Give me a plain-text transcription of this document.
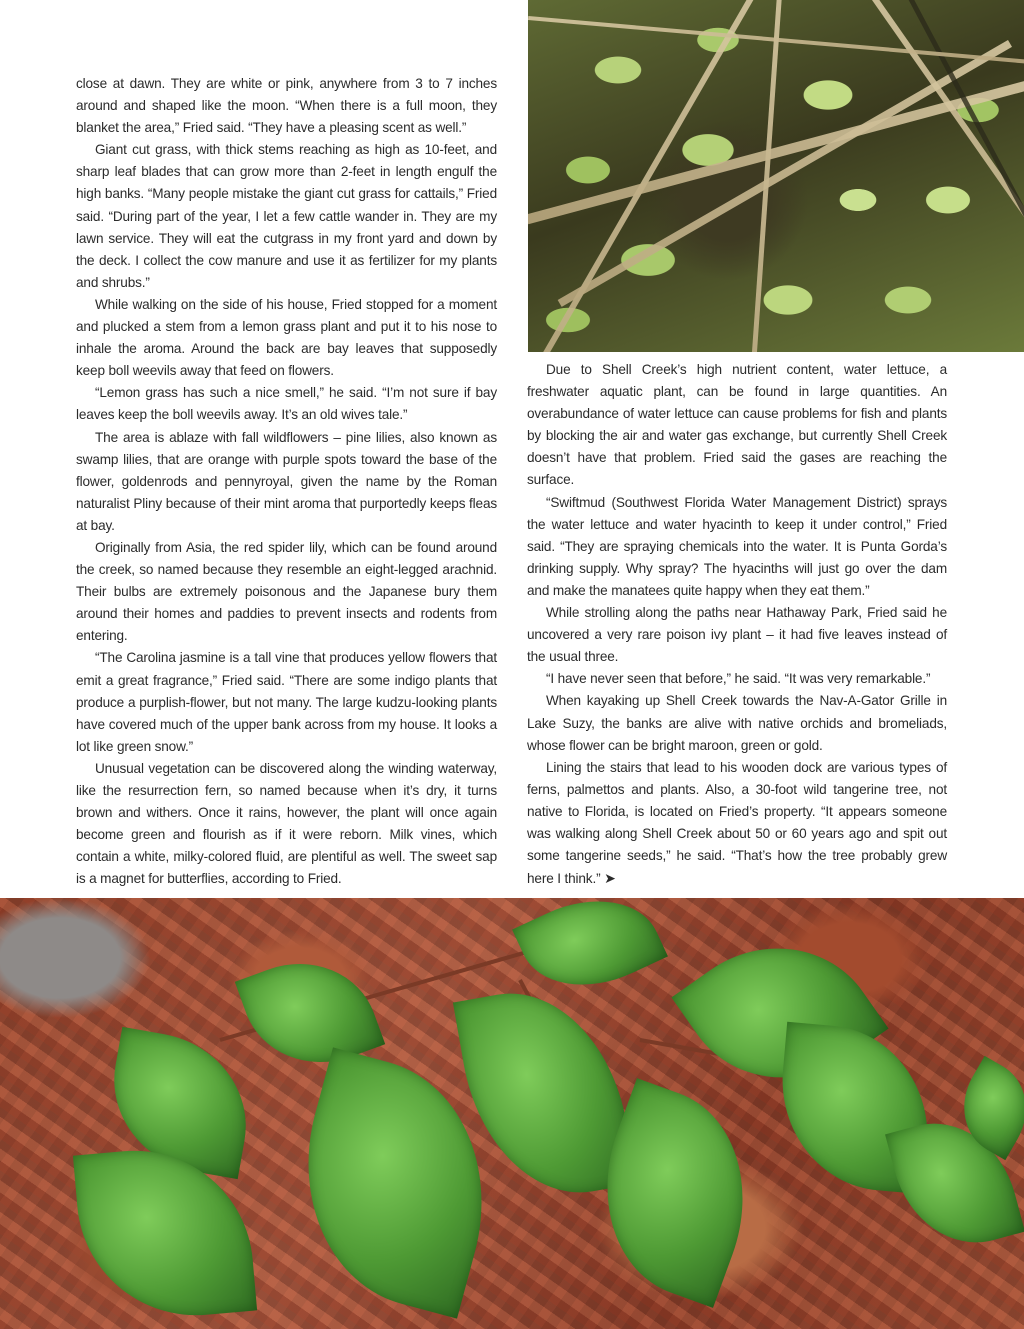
close at dawn. They are white or pink, anywhere from 3 to 7 inches around and shaped like the moon. “When there is a full moon, they blanket the area,” Fried said. “They have a pleasing scent as well.”

Giant cut grass, with thick stems reaching as high as 10-feet, and sharp leaf blades that can grow more than 2-feet in length engulf the high banks. “Many people mistake the giant cut grass for cattails,” Fried said. “During part of the year, I let a few cattle wander in. They are my lawn service. They will eat the cutgrass in my front yard and down by the deck. I collect the cow manure and use it as fertilizer for my plants and shrubs.”

While walking on the side of his house, Fried stopped for a moment and plucked a stem from a lemon grass plant and put it to his nose to inhale the aroma. Around the back are bay leaves that supposedly keep boll weevils away that feed on flowers.

“Lemon grass has such a nice smell,” he said. “I’m not sure if bay leaves keep the boll weevils away. It’s an old wives tale.”

The area is ablaze with fall wildflowers – pine lilies, also known as swamp lilies, that are orange with purple spots toward the base of the flower, goldenrods and pennyroyal, given the name by the Roman naturalist Pliny because of their mint aroma that purportedly keeps fleas at bay.

Originally from Asia, the red spider lily, which can be found around the creek, so named because they resemble an eight-legged arachnid. Their bulbs are extremely poisonous and the Japanese bury them around their homes and paddies to prevent insects and rodents from entering.

“The Carolina jasmine is a tall vine that produces yellow flowers that emit a great fragrance,” Fried said. “There are some indigo plants that produce a purplish-flower, but not many. The large kudzu-looking plants have covered much of the upper bank across from my house. It looks a lot like green snow.”

Unusual vegetation can be discovered along the winding waterway, like the resurrection fern, so named because when it’s dry, it turns brown and withers. Once it rains, however, the plant will once again become green and flourish as if it were reborn. Milk vines, which contain a white, milky-colored fluid, are plentiful as well. The sweet sap is a magnet for butterflies, according to Fried.

Due to Shell Creek’s high nutrient content, water lettuce, a freshwater aquatic plant, can be found in large quantities. An overabundance of water lettuce can cause problems for fish and plants by blocking the air and water gas exchange, but currently Shell Creek doesn’t have that problem. Fried said the gases are reaching the surface.

“Swiftmud (Southwest Florida Water Management District) sprays the water lettuce and water hyacinth to keep it under control,” Fried said. “They are spraying chemicals into the water. It is Punta Gorda’s drinking supply. Why spray? The hyacinths will just go over the dam and make the manatees quite happy when they eat them.”

While strolling along the paths near Hathaway Park, Fried said he uncovered a very rare poison ivy plant – it had five leaves instead of the usual three.

“I have never seen that before,” he said. “It was very remarkable.”

When kayaking up Shell Creek towards the Nav-A-Gator Grille in Lake Suzy, the banks are alive with native orchids and bromeliads, whose flower can be bright maroon, green or gold.

Lining the stairs that lead to his wooden dock are various types of ferns, palmettos and plants. Also, a 30-foot wild tangerine tree, not native to Florida, is located on Fried’s property. “It appears someone was walking along Shell Creek about 50 or 60 years ago and spit out some tangerine seeds,” he said. “That’s how the tree probably grew here I think.” ➤
